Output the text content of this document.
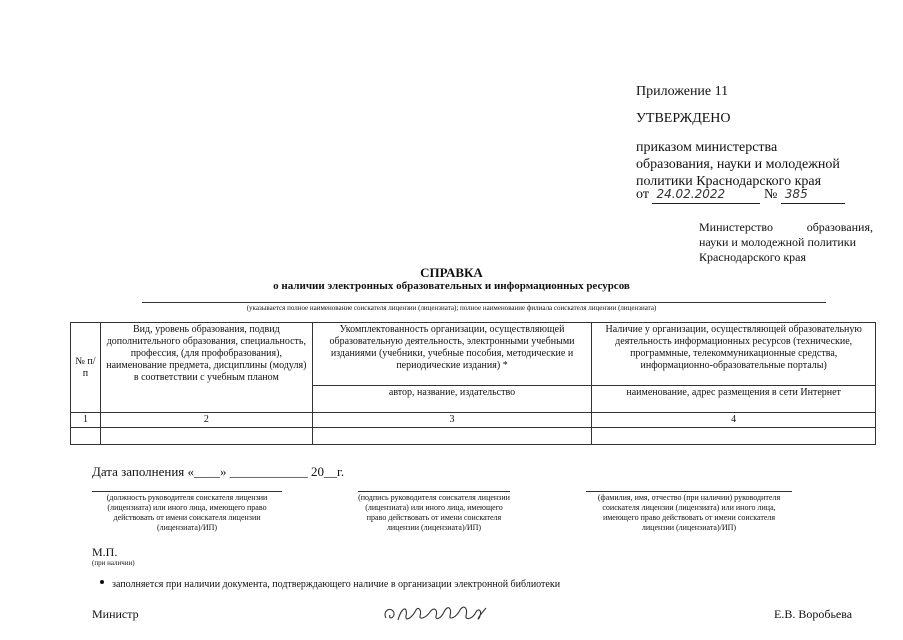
Приложение 11
УТВЕРЖДЕНО
приказом министерства
образования, науки и молодежной
политики Краснодарского края
от 24.02.2022	№ 385
Министерство образования, науки и молодежной политики
Краснодарского края
СПРАВКА
о наличии электронных образовательных и информационных ресурсов
(указывается полное наименование соискателя лицензии (лицензиата); полное наименование филиала соискателя лицензии (лицензиата)
№ п/п	Вид, уровень образования, подвид дополнительного образования, специальность, профессия, (для профобразования), наименование предмета, дисциплины (модуля) в соответствии с учебным планом	Укомплектованность организации, осуществляющей образовательную деятельность, электронными учебными изданиями (учебники, учебные пособия, методические и периодические издания) *	Наличие у организации, осуществляющей образовательную деятельность информационных ресурсов (технические, программные, телекоммуникационные средства, информационно-образовательные порталы)
		автор, название, издательство	наименование, адрес размещения в сети Интернет
1	2	3	4

Дата заполнения «____» ____________ 20__г.
(должность руководителя соискателя лицензии (лицензиата) или иного лица, имеющего право действовать от имени соискателя лицензии (лицензиата)/ИП)
(подпись руководителя соискателя лицензии (лицензиата) или иного лица, имеющего право действовать от имени соискателя лицензии (лицензиата)/ИП)
(фамилия, имя, отчество (при наличии) руководителя соискателя лицензии (лицензиата) или иного лица, имеющего право действовать от имени соискателя лицензии (лицензиата)/ИП)
М.П.
(при наличии)
заполняется при наличии документа, подтверждающего наличие в организации электронной библиотеки
Министр	Е.В. Воробьева
